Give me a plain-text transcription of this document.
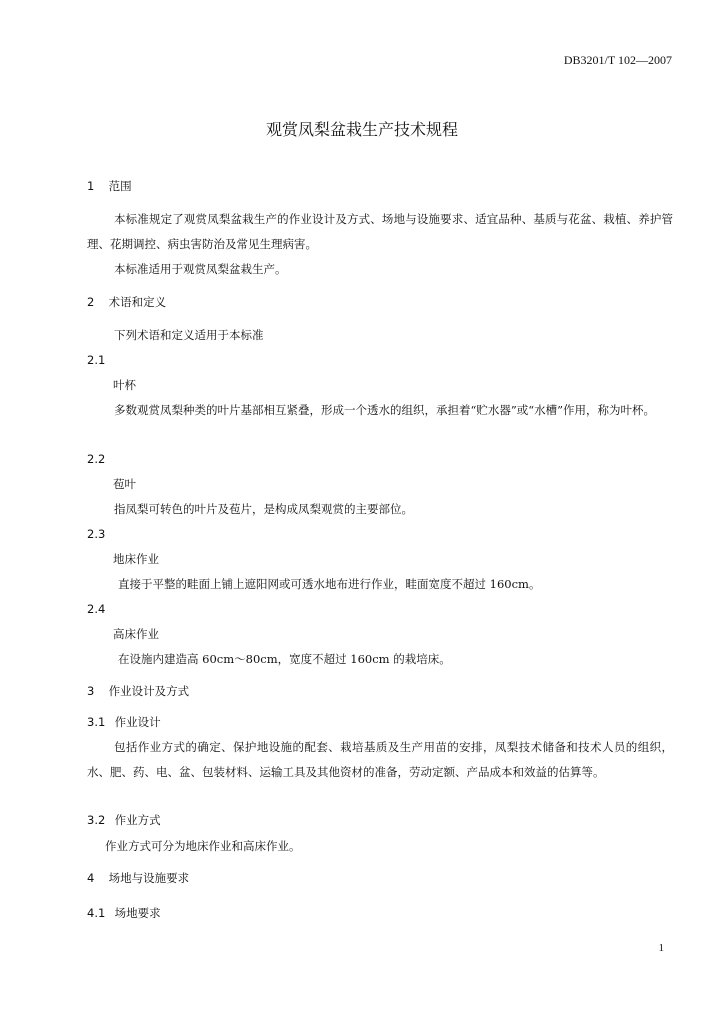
DB3201/T 102—2007
观赏凤梨盆栽生产技术规程
1 范围
本标准规定了观赏凤梨盆栽生产的作业设计及方式、场地与设施要求、适宜品种、基质与花盆、栽植、养护管理、花期调控、病虫害防治及常见生理病害。
本标准适用于观赏凤梨盆栽生产。
2 术语和定义
下列术语和定义适用于本标准
2.1
叶杯
多数观赏凤梨种类的叶片基部相互紧叠，形成一个透水的组织，承担着“贮水器”或“水槽”作用，称为叶杯。
2.2
苞叶
指凤梨可转色的叶片及苞片，是构成凤梨观赏的主要部位。
2.3
地床作业
直接于平整的畦面上铺上遮阳网或可透水地布进行作业，畦面宽度不超过 160cm。
2.4
高床作业
在设施内建造高 60cm～80cm，宽度不超过 160cm 的栽培床。
3 作业设计及方式
3.1 作业设计
包括作业方式的确定、保护地设施的配套、栽培基质及生产用苗的安排，凤梨技术储备和技术人员的组织，水、肥、药、电、盆、包装材料、运输工具及其他资材的准备，劳动定额、产品成本和效益的估算等。
3.2 作业方式
作业方式可分为地床作业和高床作业。
4 场地与设施要求
4.1 场地要求
1
